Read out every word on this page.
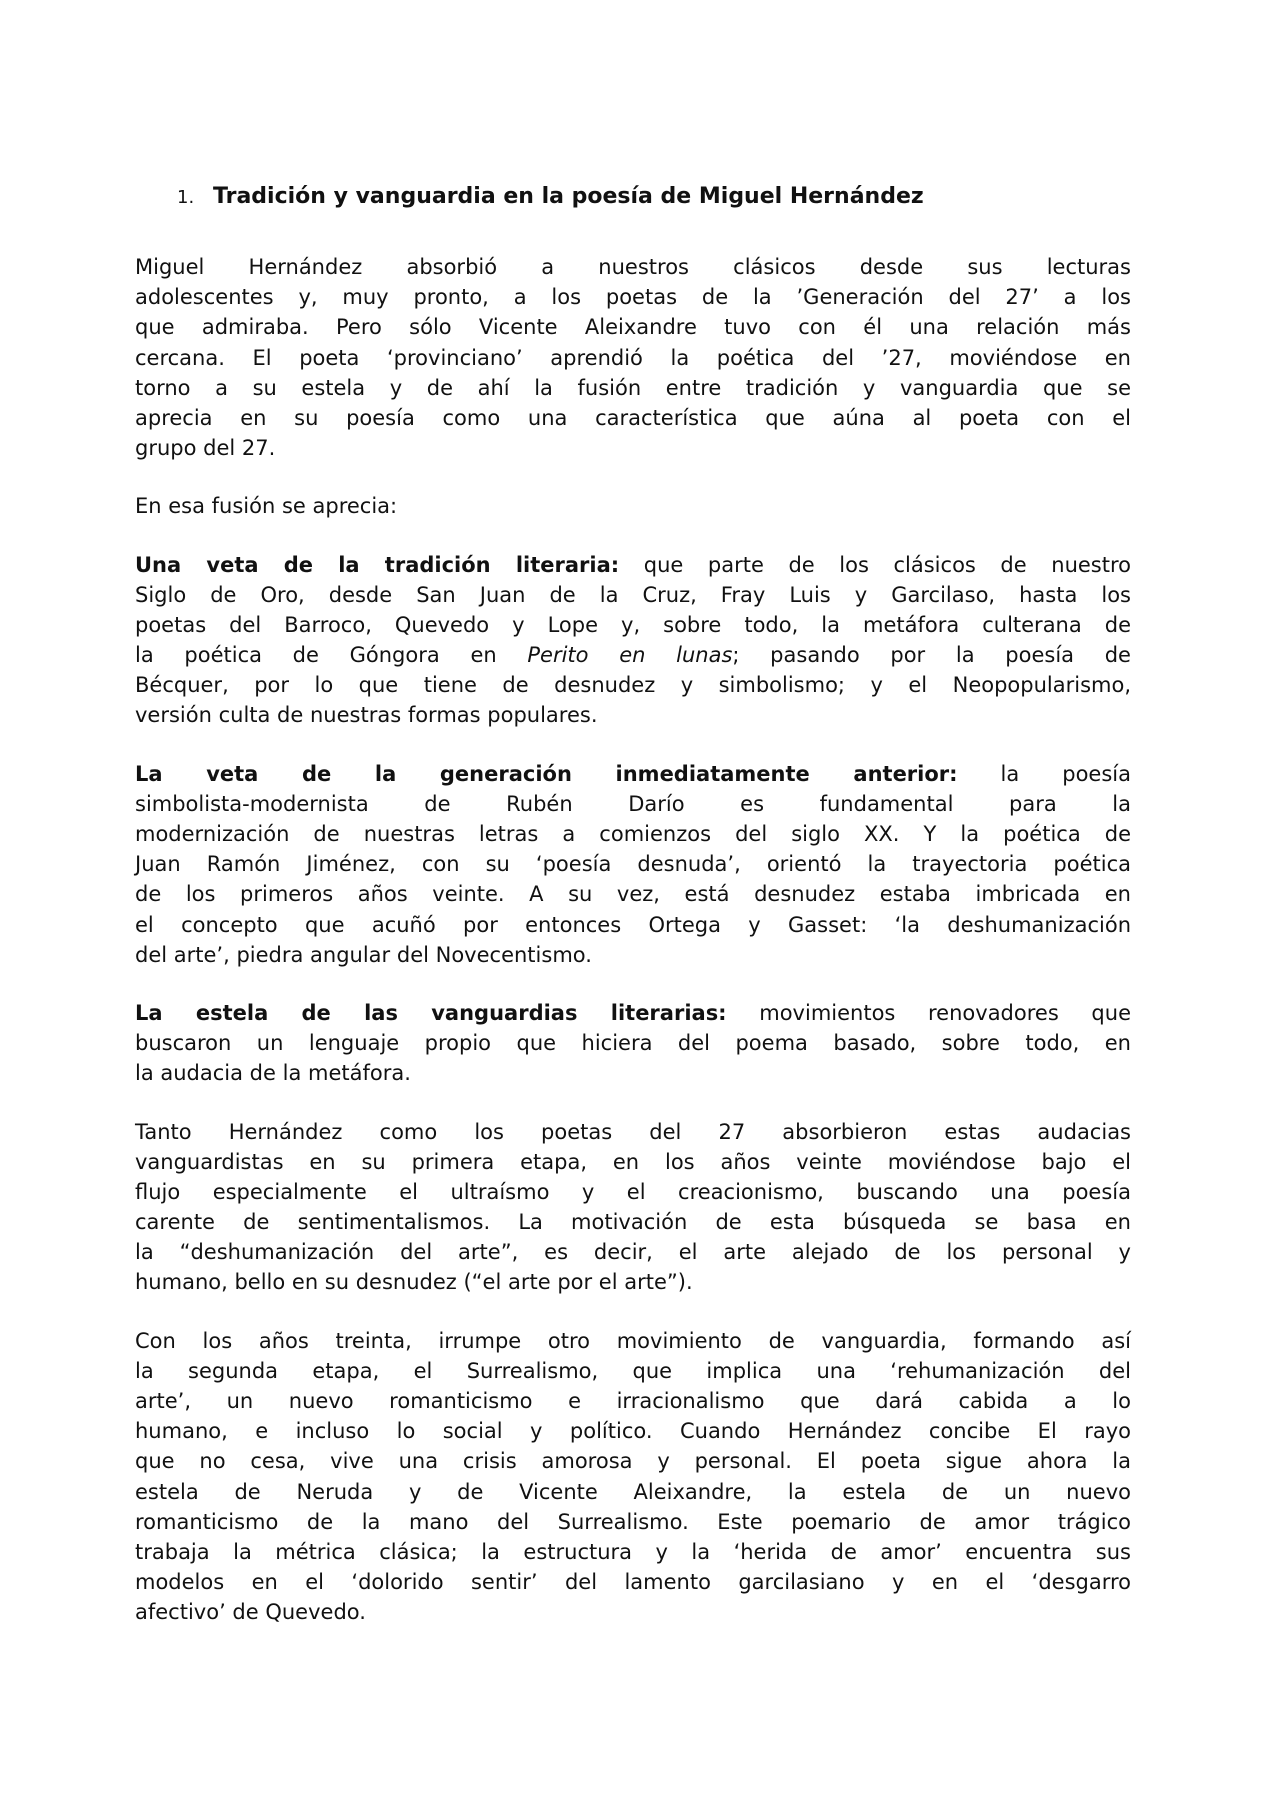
1. Tradición y vanguardia en la poesía de Miguel Hernández

Miguel Hernández absorbió a nuestros clásicos desde sus lecturas
adolescentes y, muy pronto, a los poetas de la ’Generación del 27’ a los
que admiraba. Pero sólo Vicente Aleixandre tuvo con él una relación más
cercana. El poeta ‘provinciano’ aprendió la poética del ’27, moviéndose en
torno a su estela y de ahí la fusión entre tradición y vanguardia que se
aprecia en su poesía como una característica que aúna al poeta con el
grupo del 27.

En esa fusión se aprecia:

Una veta de la tradición literaria: que parte de los clásicos de nuestro
Siglo de Oro, desde San Juan de la Cruz, Fray Luis y Garcilaso, hasta los
poetas del Barroco, Quevedo y Lope y, sobre todo, la metáfora culterana de
la poética de Góngora en Perito en lunas; pasando por la poesía de
Bécquer, por lo que tiene de desnudez y simbolismo; y el Neopopularismo,
versión culta de nuestras formas populares.

La veta de la generación inmediatamente anterior: la poesía
simbolista-modernista de Rubén Darío es fundamental para la
modernización de nuestras letras a comienzos del siglo XX. Y la poética de
Juan Ramón Jiménez, con su ‘poesía desnuda’, orientó la trayectoria poética
de los primeros años veinte. A su vez, está desnudez estaba imbricada en
el concepto que acuñó por entonces Ortega y Gasset: ‘la deshumanización
del arte’, piedra angular del Novecentismo.

La estela de las vanguardias literarias: movimientos renovadores que
buscaron un lenguaje propio que hiciera del poema basado, sobre todo, en
la audacia de la metáfora.

Tanto Hernández como los poetas del 27 absorbieron estas audacias
vanguardistas en su primera etapa, en los años veinte moviéndose bajo el
flujo especialmente el ultraísmo y el creacionismo, buscando una poesía
carente de sentimentalismos. La motivación de esta búsqueda se basa en
la “deshumanización del arte”, es decir, el arte alejado de los personal y
humano, bello en su desnudez (“el arte por el arte”).

Con los años treinta, irrumpe otro movimiento de vanguardia, formando así
la segunda etapa, el Surrealismo, que implica una ‘rehumanización del
arte’, un nuevo romanticismo e irracionalismo que dará cabida a lo
humano, e incluso lo social y político. Cuando Hernández concibe El rayo
que no cesa, vive una crisis amorosa y personal. El poeta sigue ahora la
estela de Neruda y de Vicente Aleixandre, la estela de un nuevo
romanticismo de la mano del Surrealismo. Este poemario de amor trágico
trabaja la métrica clásica; la estructura y la ‘herida de amor’ encuentra sus
modelos en el ‘dolorido sentir’ del lamento garcilasiano y en el ‘desgarro
afectivo’ de Quevedo.
